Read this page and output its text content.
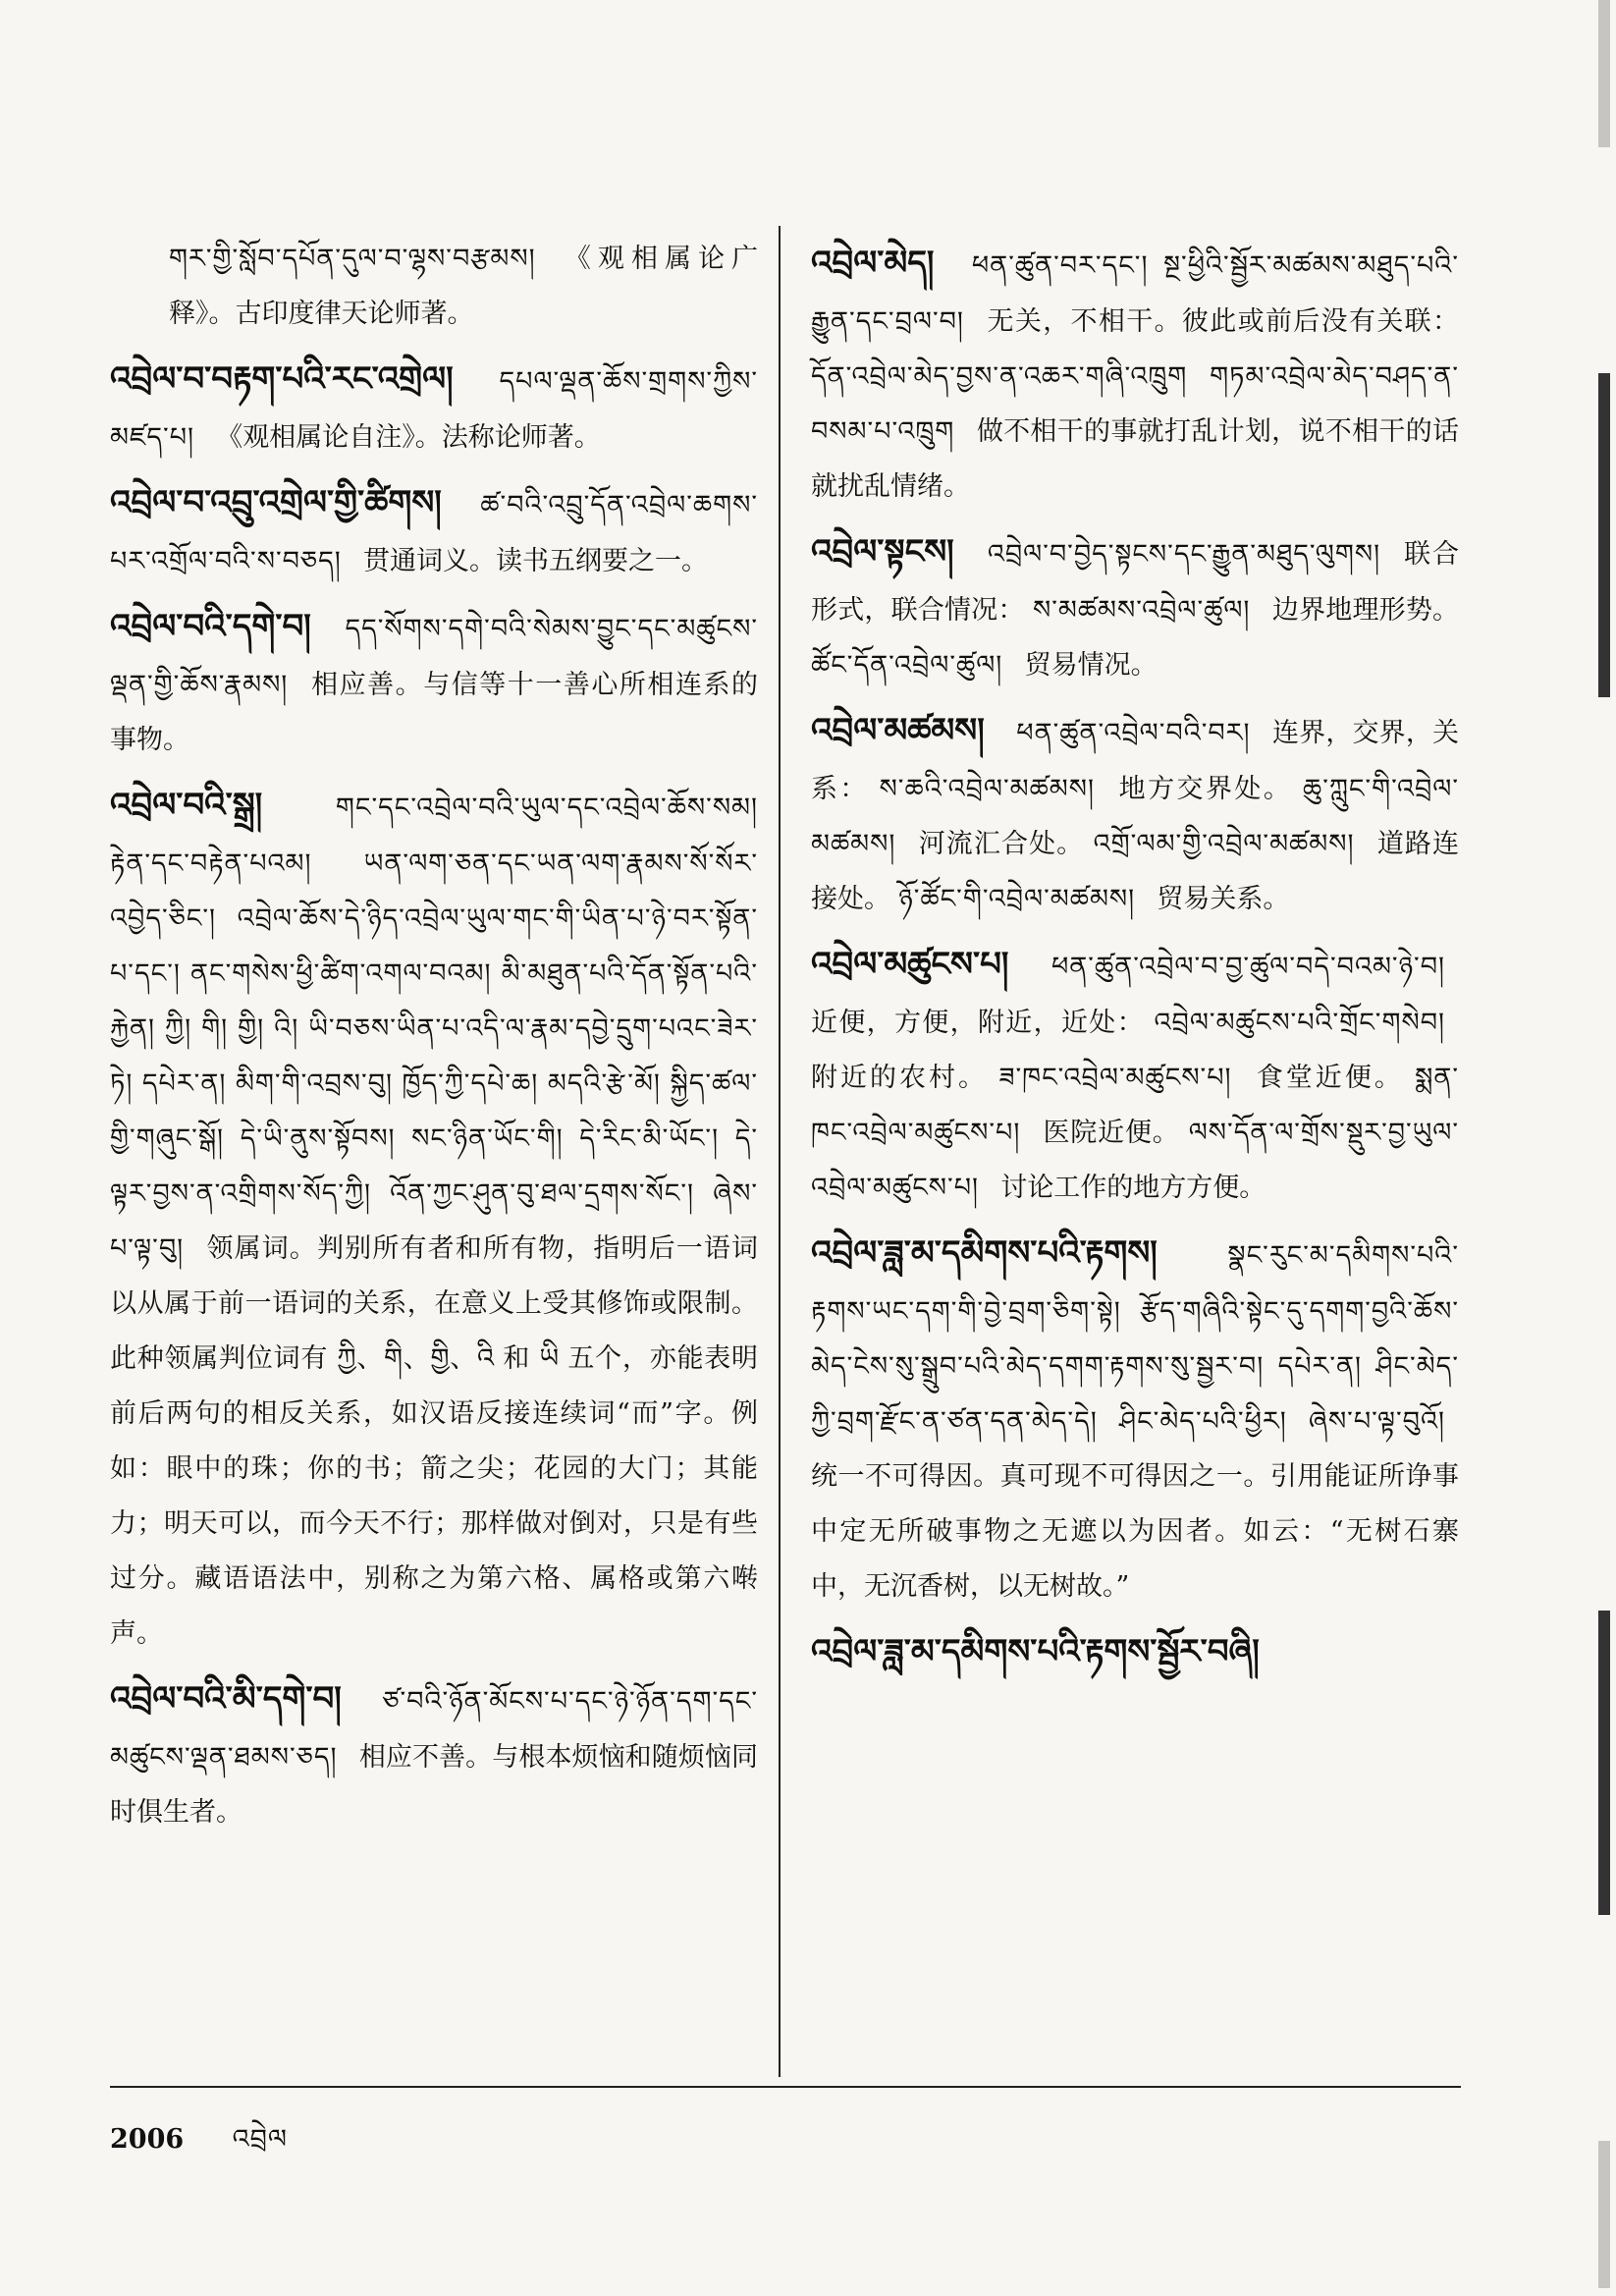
གར་གྱི་སློབ་དཔོན་དུལ་བ་ལྷས་བརྩམས། 《观相属论广释》。古印度律天论师著。
འབྲེལ་བ་བརྟག་པའི་རང་འགྲེལ། དཔལ་ལྡན་ཆོས་གྲགས་ཀྱིས་མཛད་པ། 《观相属论自注》。法称论师著。
འབྲེལ་བ་འབྲུ་འགྲེལ་གྱི་ཚིགས། ཚ་བའི་འབྲུ་དོན་འབྲེལ་ཆགས་པར་འགྲོལ་བའི་ས་བཅད། 贯通词义。读书五纲要之一。
འབྲེལ་བའི་དགེ་བ། དད་སོགས་དགེ་བའི་སེམས་བྱུང་དང་མཚུངས་ལྡན་གྱི་ཆོས་རྣམས། 相应善。与信等十一善心所相连系的事物。
འབྲེལ་བའི་སྒྲ།	གང་དང་འབྲེལ་བའི་ཡུལ་དང་འབྲེལ་ཆོས་སམ། རྟེན་དང་བརྟེན་པའམ། ཡན་ལག་ཅན་དང་ཡན་ལག་རྣམས་སོ་སོར་འབྱེད་ཅིང་། འབྲེལ་ཆོས་དེ་ཉིད་འབྲེལ་ཡུལ་གང་གི་ཡིན་པ་ཉེ་བར་སྟོན་པ་དང་། ནང་གསེས་ཕྱི་ཚིག་འགལ་བའམ། མི་མཐུན་པའི་དོན་སྟོན་པའི་རྐྱེན། ཀྱི། གི། གྱི། འི། ཡི་བཅས་ཡིན་པ་འདི་ལ་རྣམ་དབྱེ་དྲུག་པའང་ཟེར་ཏེ། དཔེར་ན། མིག་གི་འབྲས་བུ། ཁྱོད་ཀྱི་དཔེ་ཆ། མདའི་རྩེ་མོ། སྐྱིད་ཚལ་གྱི་གཞུང་སྒོ། དེ་ཡི་ནུས་སྟོབས། སང་ཉིན་ཡོང་གི། དེ་རིང་མི་ཡོང་། དེ་ལྟར་བྱས་ན་འགྲིགས་སོད་ཀྱི། འོན་ཀྱང་ཤུན་བུ་ཐལ་དྲགས་སོང་། ཞེས་པ་ལྟ་བུ། 领属词。判别所有者和所有物，指明后一语词以从属于前一语词的关系，在意义上受其修饰或限制。此种领属判位词有 ཀྱི、གི、གྱི、འི 和 ཡི 五个，亦能表明前后两句的相反关系，如汉语反接连续词“而”字。例如：眼中的珠；你的书；箭之尖；花园的大门；其能力；明天可以，而今天不行；那样做对倒对，只是有些过分。藏语语法中，别称之为第六格、属格或第六啭声。
འབྲེལ་བའི་མི་དགེ་བ། ཙ་བའི་ཉོན་མོངས་པ་དང་ཉེ་ཉོན་དག་དང་མཚུངས་ལྡན་ཐམས་ཅད། 相应不善。与根本烦恼和随烦恼同时俱生者。
འབྲེལ་མེད། ཕན་ཚུན་བར་དང་། སྔ་ཕྱིའི་སྦྱོར་མཚམས་མཐུད་པའི་རྒྱུན་དང་བྲལ་བ། 无关，不相干。彼此或前后没有关联： དོན་འབྲེལ་མེད་བྱས་ན་འཆར་གཞི་འཁྲུག གཏམ་འབྲེལ་མེད་བཤད་ན་བསམ་པ་འཁྲུག 做不相干的事就打乱计划，说不相干的话就扰乱情绪。
འབྲེལ་སྟངས། འབྲེལ་བ་བྱེད་སྟངས་དང་རྒྱུན་མཐུད་ལུགས། 联合形式，联合情况： ས་མཚམས་འབྲེལ་ཚུལ། 边界地理形势。 ཚོང་དོན་འབྲེལ་ཚུལ། 贸易情况。
འབྲེལ་མཚམས། ཕན་ཚུན་འབྲེལ་བའི་བར། 连界，交界，关系： ས་ཆའི་འབྲེལ་མཚམས། 地方交界处。 ཆུ་ཀླུང་གི་འབྲེལ་མཚམས། 河流汇合处。 འགྲོ་ལམ་གྱི་འབྲེལ་མཚམས། 道路连接处。 ཉོ་ཚོང་གི་འབྲེལ་མཚམས། 贸易关系。
འབྲེལ་མཚུངས་པ། ཕན་ཚུན་འབྲེལ་བ་བྱ་ཚུལ་བདེ་བའམ་ཉེ་བ། 近便，方便，附近，近处： འབྲེལ་མཚུངས་པའི་གྲོང་གསེབ། 附近的农村。 ཟ་ཁང་འབྲེལ་མཚུངས་པ། 食堂近便。 སྨན་ཁང་འབྲེལ་མཚུངས་པ། 医院近便。 ལས་དོན་ལ་གྲོས་སྡུར་བྱ་ཡུལ་འབྲེལ་མཚུངས་པ། 讨论工作的地方方便。
འབྲེལ་ཟླ་མ་དམིགས་པའི་རྟགས།	སྣང་རུང་མ་དམིགས་པའི་རྟགས་ཡང་དག་གི་བྱེ་བྲག་ཅིག་སྟེ། རྩོད་གཞིའི་སྟེང་དུ་དགག་བྱའི་ཆོས་མེད་ངེས་སུ་སྒྲུབ་པའི་མེད་དགག་རྟགས་སུ་སྦྱར་བ། དཔེར་ན། ཤིང་མེད་ཀྱི་བྲག་རྫོང་ན་ཙན་དན་མེད་དེ། ཤིང་མེད་པའི་ཕྱིར། ཞེས་པ་ལྟ་བུའོ། 统一不可得因。真可现不可得因之一。引用能证所诤事中定无所破事物之无遮以为因者。如云：“无树石寨中，无沉香树，以无树故。”
འབྲེལ་ཟླ་མ་དམིགས་པའི་རྟགས་སྦྱོར་བཞི།
2006 འབྲེལ
